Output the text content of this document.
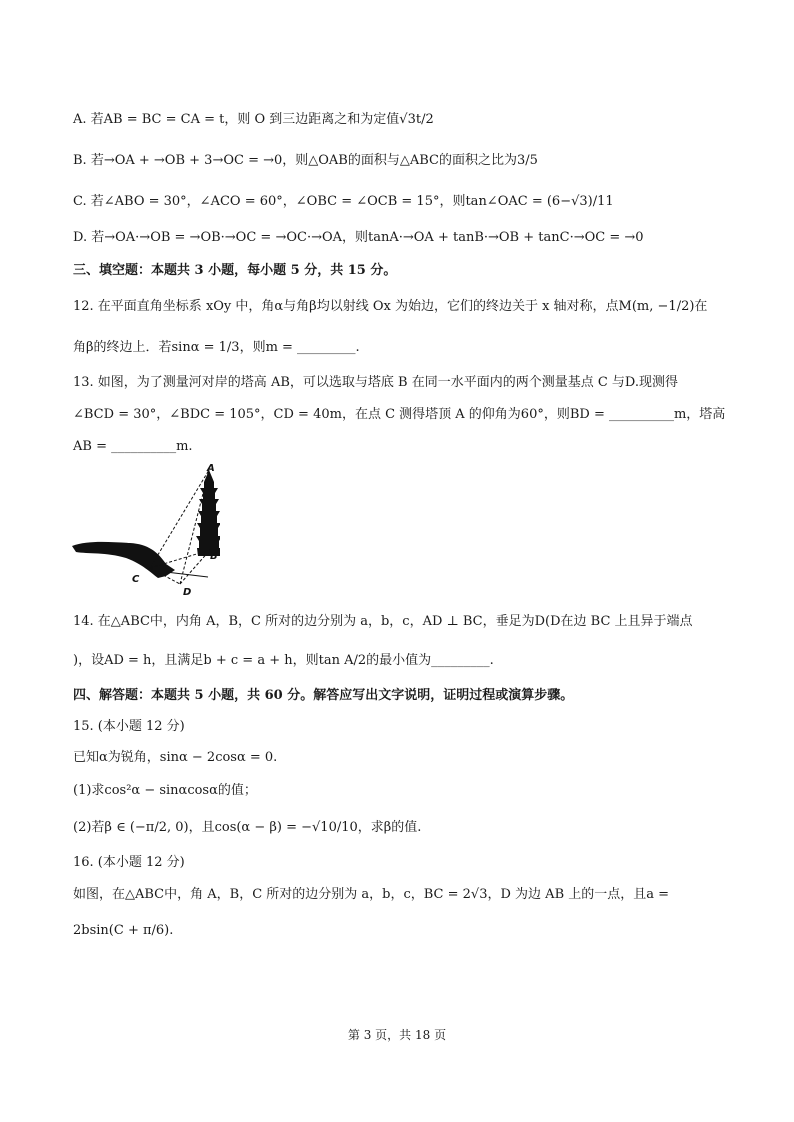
A. 若AB = BC = CA = t，则 O 到三边距离之和为定值√3t/2
B. 若→OA + →OB + 3→OC = →0，则△OAB的面积与△ABC的面积之比为3/5
C. 若∠ABO = 30°，∠ACO = 60°，∠OBC = ∠OCB = 15°，则tan∠OAC = (6−√3)/11
D. 若→OA·→OB = →OB·→OC = →OC·→OA，则tanA·→OA + tanB·→OB + tanC·→OC = →0
三、填空题：本题共 3 小题，每小题 5 分，共 15 分。
12. 在平面直角坐标系 xOy 中，角α与角β均以射线 Ox 为始边，它们的终边关于 x 轴对称，点M(m, −1/2)在
角β的终边上．若sinα = 1/3，则m = _________.
13. 如图，为了测量河对岸的塔高 AB，可以选取与塔底 B 在同一水平面内的两个测量基点 C 与D.现测得
∠BCD = 30°，∠BDC = 105°，CD = 40m，在点 C 测得塔顶 A 的仰角为60°，则BD = __________m，塔高
AB = __________m.
A
B
C
D
14. 在△ABC中，内角 A，B，C 所对的边分别为 a，b，c，AD ⊥ BC，垂足为D(D在边 BC 上且异于端点
)，设AD = h，且满足b + c = a + h，则tan A/2的最小值为_________.
四、解答题：本题共 5 小题，共 60 分。解答应写出文字说明，证明过程或演算步骤。
15. (本小题 12 分)
已知α为锐角，sinα − 2cosα = 0.
(1)求cos²α − sinαcosα的值；
(2)若β ∈ (−π/2, 0)，且cos(α − β) = −√10/10，求β的值.
16. (本小题 12 分)
如图，在△ABC中，角 A，B，C 所对的边分别为 a，b，c，BC = 2√3，D 为边 AB 上的一点，且a =
2bsin(C + π/6).
第 3 页，共 18 页
